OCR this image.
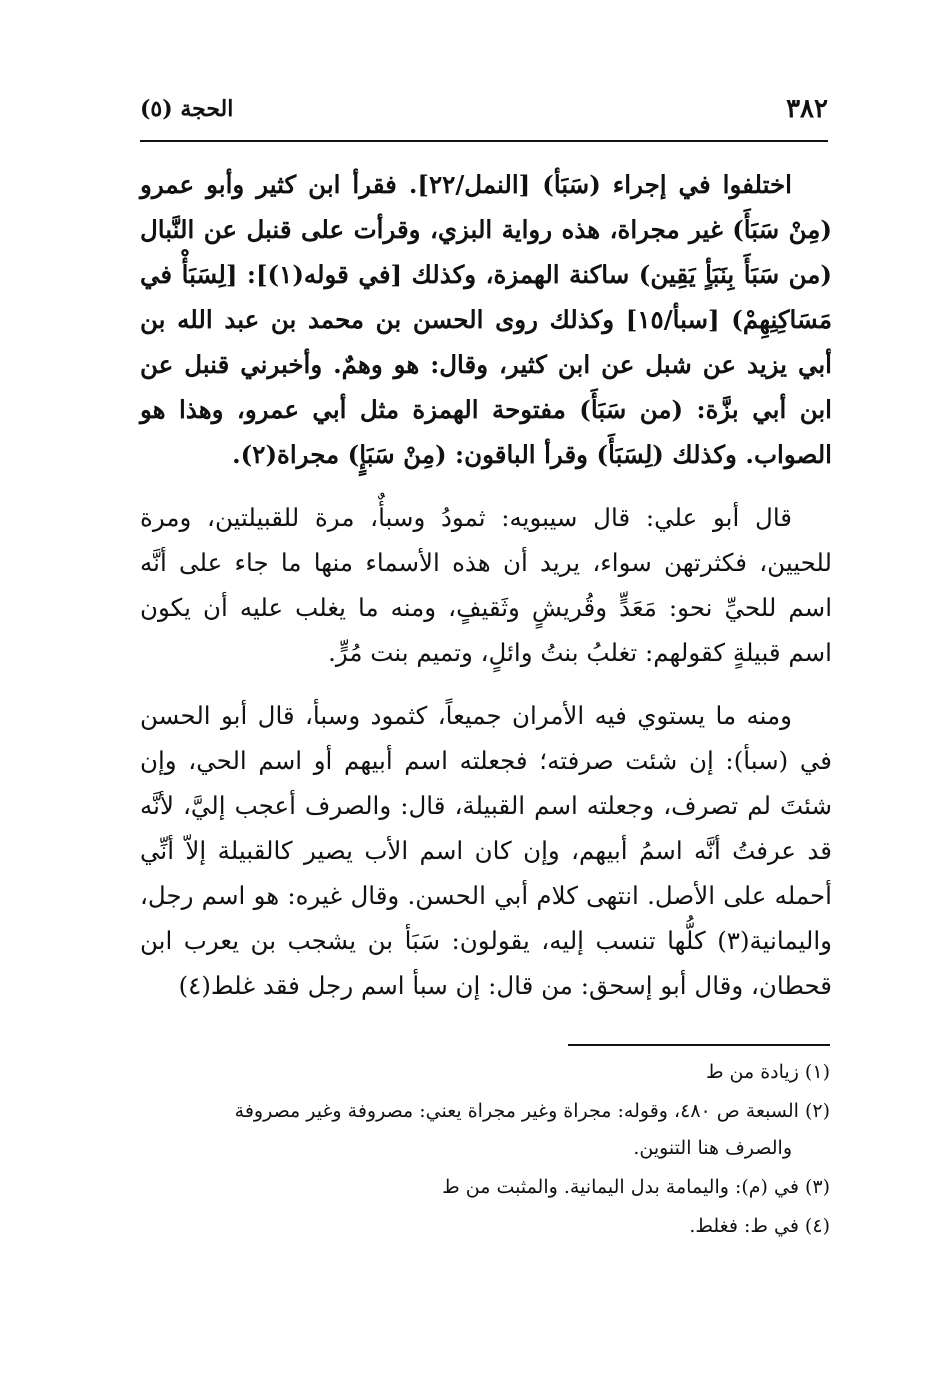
٣٨٢
الحجة (٥)

اختلفوا في إجراء (سَبَأ) [النمل/٢٢]. فقرأ ابن كثير وأبو عمرو (مِنْ سَبَأَ) غير مجراة، هذه رواية البزي، وقرأت على قنبل عن النَّبال (من سَبَأَ بِنَبَأٍ يَقِين) ساكنة الهمزة، وكذلك [في قوله(١)]: [لِسَبَأْ في مَسَاكِنِهِمْ) [سبأ/١٥] وكذلك روى الحسن بن محمد بن عبد الله بن أبي يزيد عن شبل عن ابن كثير، وقال: هو وهمٌ. وأخبرني قنبل عن ابن أبي بزَّة: (من سَبَأَ) مفتوحة الهمزة مثل أبي عمرو، وهذا هو الصواب. وكذلك (لِسَبَأَ) وقرأ الباقون: (مِنْ سَبَإٍ) مجراة(٢).

قال أبو علي: قال سيبويه: ثمودُ وسبأٌ، مرة للقبيلتين، ومرة للحيين، فكثرتهن سواء، يريد أن هذه الأسماء منها ما جاء على أنَّه اسم للحيِّ نحو: مَعَدٍّ وقُريشٍ وثَقيفٍ، ومنه ما يغلب عليه أن يكون اسم قبيلةٍ كقولهم: تغلبُ بنتُ وائلٍ، وتميم بنت مُرٍّ.

ومنه ما يستوي فيه الأمران جميعاً، كثمود وسبأ، قال أبو الحسن في (سبأ): إن شئت صرفته؛ فجعلته اسم أبيهم أو اسم الحي، وإن شئتَ لم تصرف، وجعلته اسم القبيلة، قال: والصرف أعجب إليَّ، لأنَّه قد عرفتُ أنَّه اسمُ أبيهم، وإن كان اسم الأب يصير كالقبيلة إلاّ أنِّي أحمله على الأصل. انتهى كلام أبي الحسن. وقال غيره: هو اسم رجل، واليمانية(٣) كلُّها تنسب إليه، يقولون: سَبَأ بن يشجب بن يعرب ابن قحطان، وقال أبو إسحق: من قال: إن سبأ اسم رجل فقد غلط(٤)

(١) زيادة من ط

(٢) السبعة ص ٤٨٠، وقوله: مجراة وغير مجراة يعني: مصروفة وغير مصروفة
والصرف هنا التنوين.

(٣) في (م): واليمامة بدل اليمانية. والمثبت من ط

(٤) في ط: فغلط.
